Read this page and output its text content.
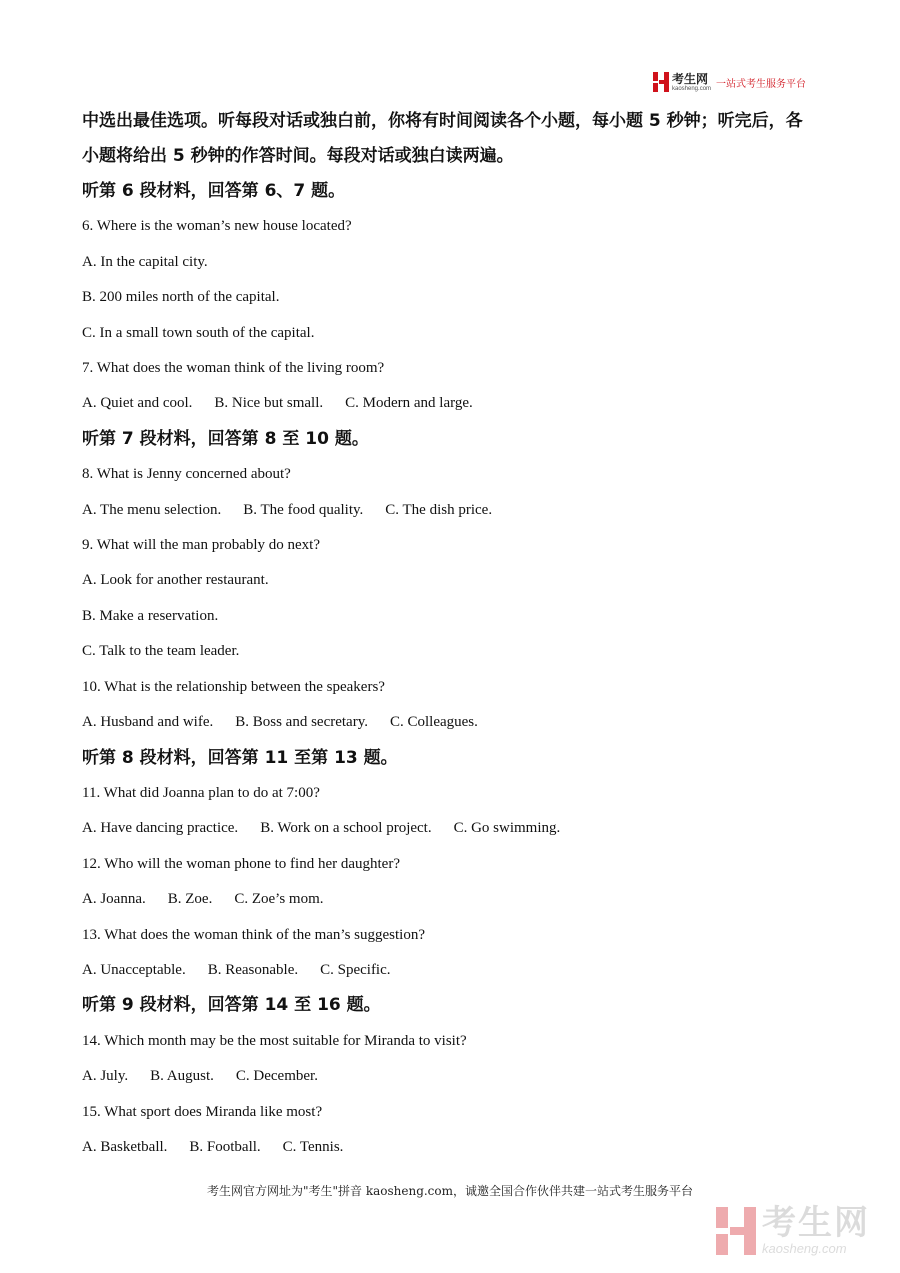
考生网
kaosheng.com 一站式考生服务平台

中选出最佳选项。听每段对话或独白前，你将有时间阅读各个小题，每小题 5 秒钟；听完后，各小题将给出 5 秒钟的作答时间。每段对话或独白读两遍。

听第 6 段材料，回答第 6、7 题。

6. Where is the woman’s new house located?

A. In the capital city.

B. 200 miles north of the capital.

C. In a small town south of the capital.

7. What does the woman think of the living room?

A. Quiet and cool. B. Nice but small. C. Modern and large.

听第 7 段材料，回答第 8 至 10 题。

8. What is Jenny concerned about?

A. The menu selection. B. The food quality. C. The dish price.

9. What will the man probably do next?

A. Look for another restaurant.

B. Make a reservation.

C. Talk to the team leader.

10. What is the relationship between the speakers?

A. Husband and wife. B. Boss and secretary. C. Colleagues.

听第 8 段材料，回答第 11 至第 13 题。

11. What did Joanna plan to do at 7:00?

A. Have dancing practice. B. Work on a school project. C. Go swimming.

12. Who will the woman phone to find her daughter?

A. Joanna. B. Zoe. C. Zoe’s mom.

13. What does the woman think of the man’s suggestion?

A. Unacceptable. B. Reasonable. C. Specific.

听第 9 段材料，回答第 14 至 16 题。

14. Which month may be the most suitable for Miranda to visit?

A. July. B. August. C. December.

15. What sport does Miranda like most?

A. Basketball. B. Football. C. Tennis.

考生网官方网址为"考生"拼音 kaosheng.com，诚邀全国合作伙伴共建一站式考生服务平台
考生网
kaosheng.com
